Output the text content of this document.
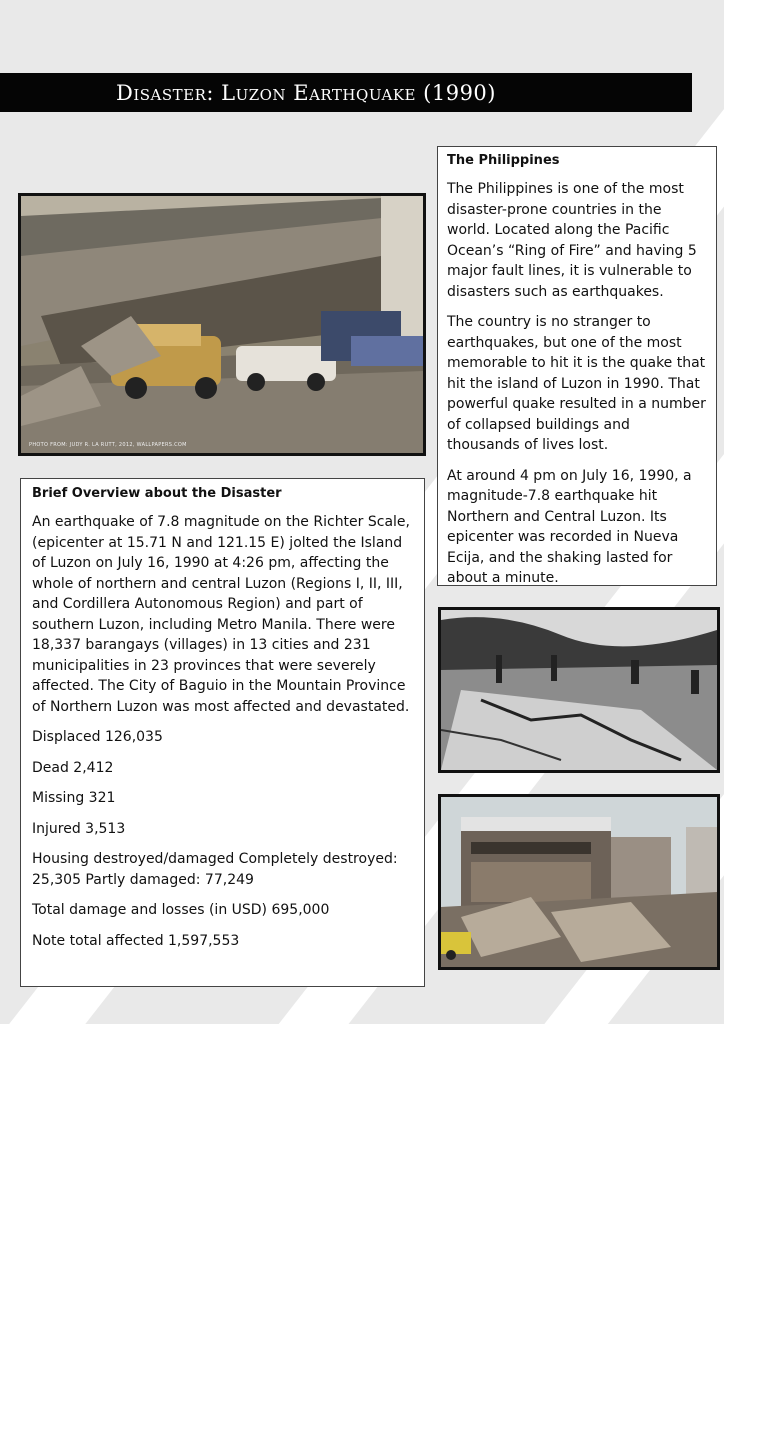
Disaster: Luzon Earthquake (1990)
PHOTO FROM: JUDY R. LA RUTT, 2012, WALLPAPERS.COM
The Philippines

The Philippines is one of the most disaster-prone countries in the world. Located along the Pacific Ocean’s “Ring of Fire” and having 5 major fault lines, it is vulnerable to disasters such as earthquakes.

The country is no stranger to earthquakes, but one of the most memorable to hit it is the quake that hit the island of Luzon in 1990. That powerful quake resulted in a number of collapsed buildings and thousands of lives lost.

At around 4 pm on July 16, 1990, a magnitude-7.8 earthquake hit Northern and Central Luzon. Its epicenter was recorded in Nueva Ecija, and the shaking lasted for about a minute.

Brief Overview about the Disaster

An earthquake of 7.8 magnitude on the Richter Scale, (epicenter at 15.71 N and 121.15 E) jolted the Island of Luzon on July 16, 1990 at 4:26 pm, affecting the whole of northern and central Luzon (Regions I, II, III, and Cordillera Autonomous Region) and part of southern Luzon, including Metro Manila. There were 18,337 barangays (villages) in 13 cities and 231 municipalities in 23 provinces that were severely affected. The City of Baguio in the Mountain Province of Northern Luzon was most affected and devastated.

Displaced 126,035

Dead 2,412

Missing 321

Injured 3,513

Housing destroyed/damaged Completely destroyed: 25,305 Partly damaged: 77,249

Total damage and losses (in USD) 695,000

Note total affected 1,597,553
